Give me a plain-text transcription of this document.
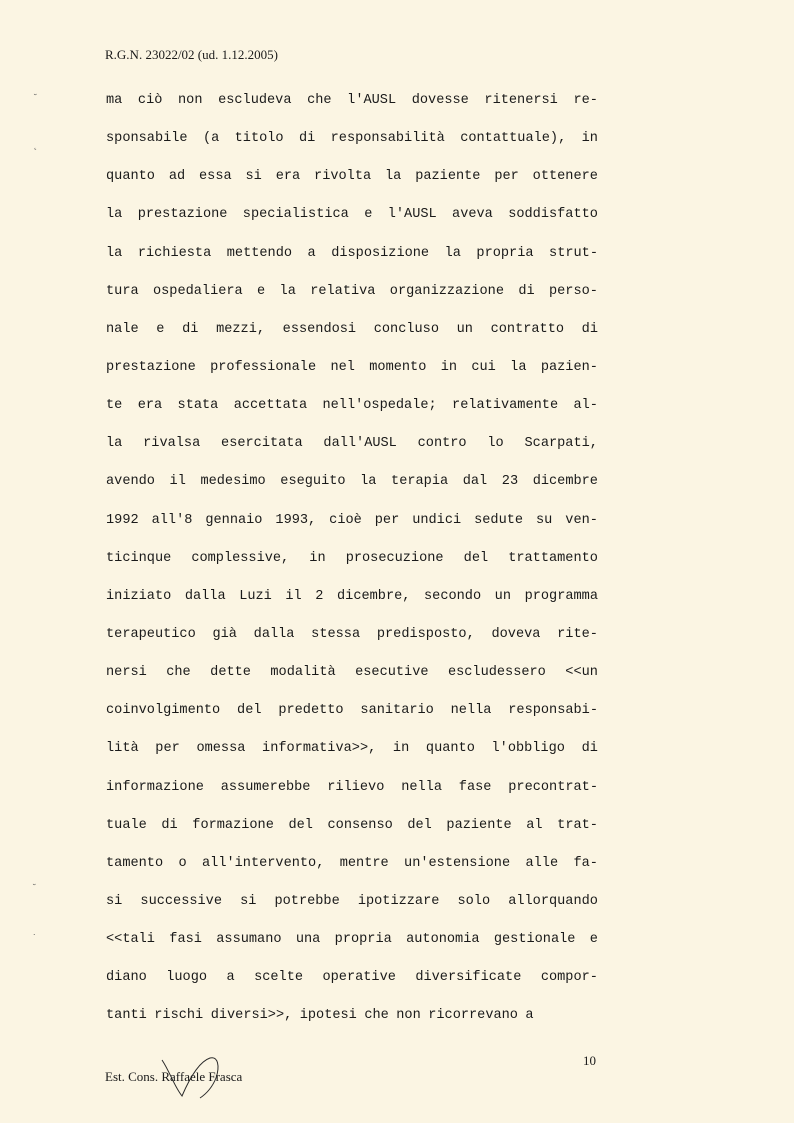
R.G.N. 23022/02 (ud. 1.12.2005)
˘
˛
˘
˙
ma ciò non escludeva che l'AUSL dovesse ritenersi re-
sponsabile (a titolo di responsabilità contattuale), in
quanto ad essa si era rivolta la paziente per ottenere
la prestazione specialistica e l'AUSL aveva soddisfatto
la richiesta mettendo a disposizione la propria strut-
tura ospedaliera e la relativa organizzazione di perso-
nale e di mezzi, essendosi concluso un contratto di
prestazione professionale nel momento in cui la pazien-
te era stata accettata nell'ospedale; relativamente al-
la rivalsa esercitata dall'AUSL contro lo Scarpati,
avendo il medesimo eseguito la terapia dal 23 dicembre
1992 all'8 gennaio 1993, cioè per undici sedute su ven-
ticinque complessive, in prosecuzione del trattamento
iniziato dalla Luzi il 2 dicembre, secondo un programma
terapeutico già dalla stessa predisposto, doveva rite-
nersi che dette modalità esecutive escludessero <<un
coinvolgimento del predetto sanitario nella responsabi-
lità per omessa informativa>>, in quanto l'obbligo di
informazione assumerebbe rilievo nella fase precontrat-
tuale di formazione del consenso del paziente al trat-
tamento o all'intervento, mentre un'estensione alle fa-
si successive si potrebbe ipotizzare solo allorquando
<<tali fasi assumano una propria autonomia gestionale e
diano luogo a scelte operative diversificate compor-
tanti rischi diversi>>, ipotesi che non ricorrevano a
10
Est. Cons. Raffaele Frasca
